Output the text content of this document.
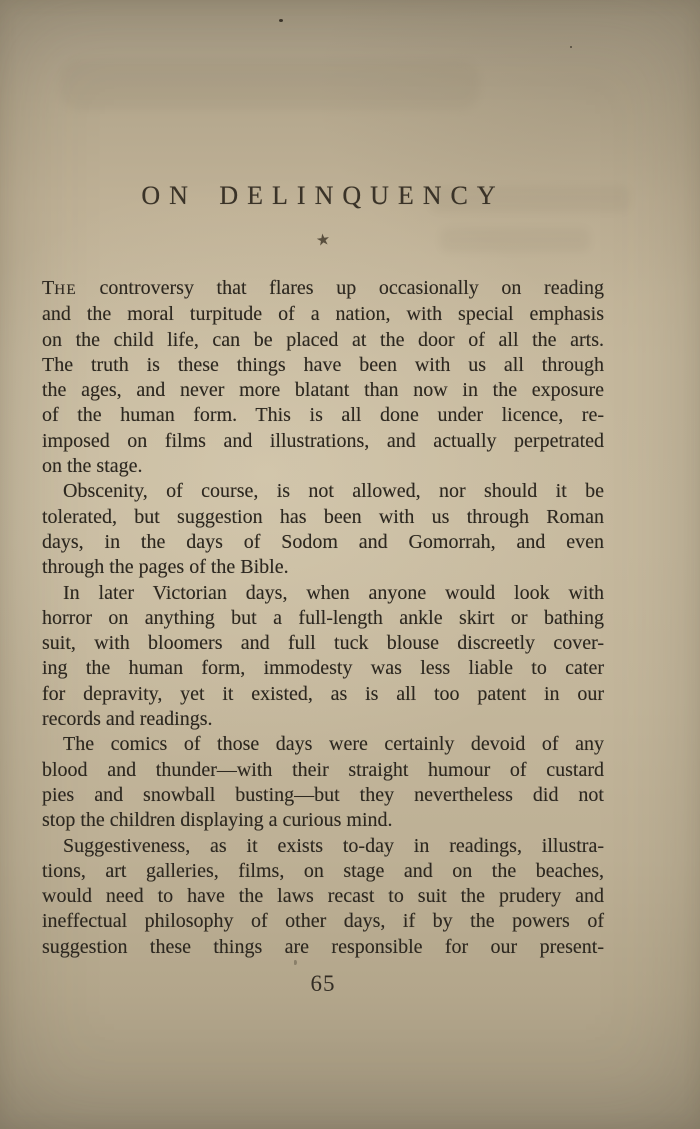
ON DELINQUENCY
★
THE controversy that flares up occasionally on reading
and the moral turpitude of a nation, with special emphasis
on the child life, can be placed at the door of all the arts.
The truth is these things have been with us all through
the ages, and never more blatant than now in the exposure
of the human form. This is all done under licence, re-
imposed on films and illustrations, and actually perpetrated
on the stage.
Obscenity, of course, is not allowed, nor should it be
tolerated, but suggestion has been with us through Roman
days, in the days of Sodom and Gomorrah, and even
through the pages of the Bible.
In later Victorian days, when anyone would look with
horror on anything but a full-length ankle skirt or bathing
suit, with bloomers and full tuck blouse discreetly cover-
ing the human form, immodesty was less liable to cater
for depravity, yet it existed, as is all too patent in our
records and readings.
The comics of those days were certainly devoid of any
blood and thunder—with their straight humour of custard
pies and snowball busting—but they nevertheless did not
stop the children displaying a curious mind.
Suggestiveness, as it exists to-day in readings, illustra-
tions, art galleries, films, on stage and on the beaches,
would need to have the laws recast to suit the prudery and
ineffectual philosophy of other days, if by the powers of
suggestion these things are responsible for our present-
65
